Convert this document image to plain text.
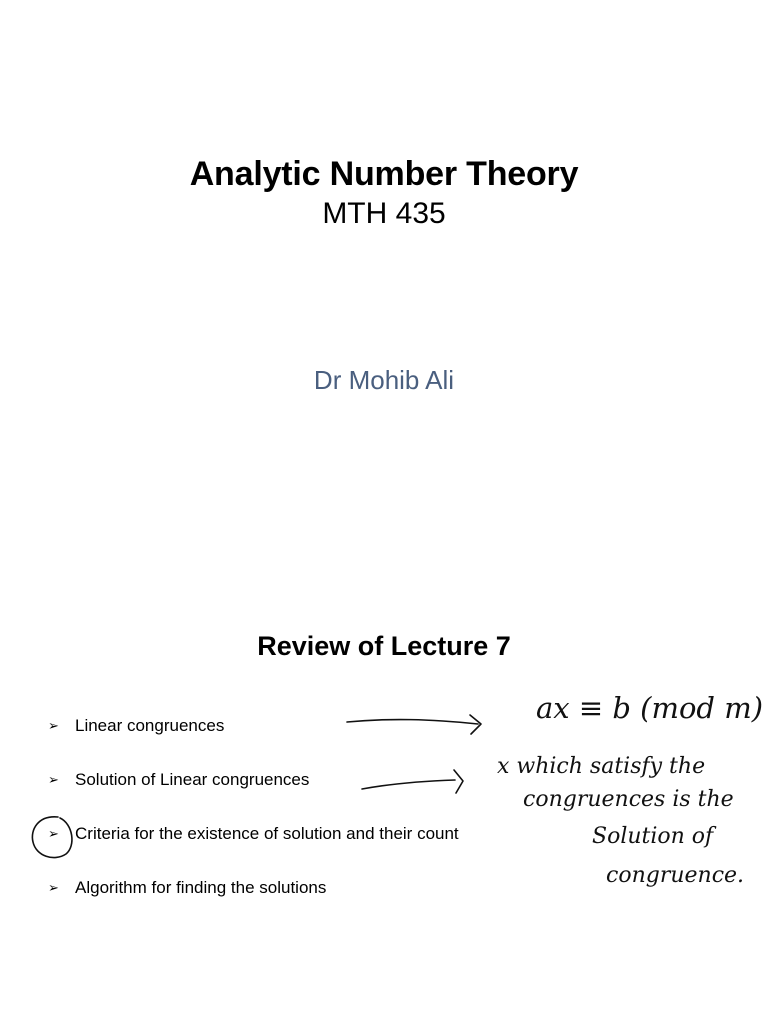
Analytic Number Theory
MTH 435
Dr Mohib Ali
Review of Lecture 7
➢ Linear congruences
➢ Solution of Linear congruences
➢ Criteria for the existence of solution and their count
➢ Algorithm for finding the solutions
ax ≡ b (mod m)
x which satisfy the
congruences is the
Solution of
congruence.
